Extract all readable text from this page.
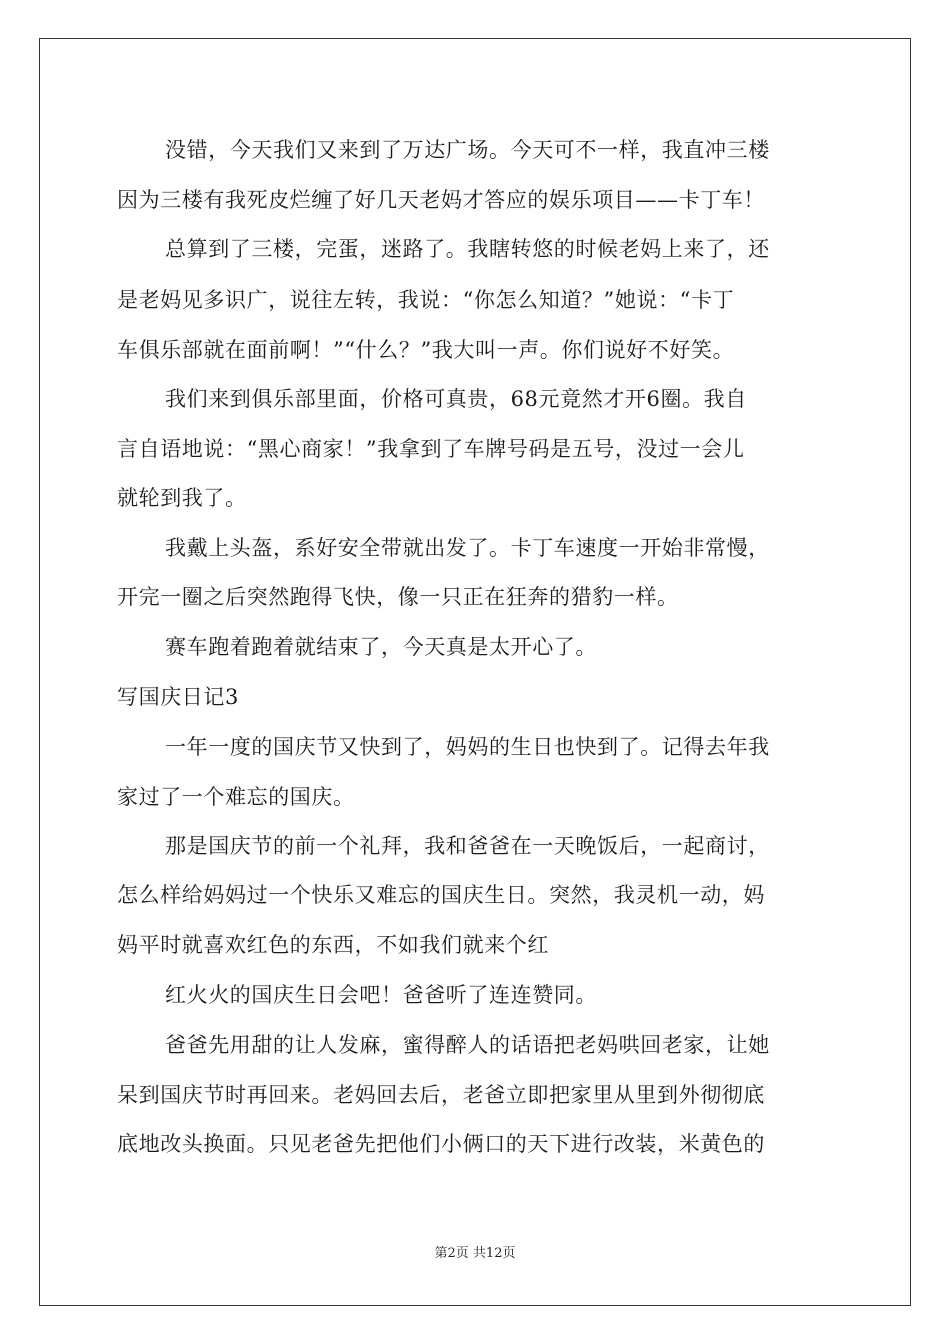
没错，今天我们又来到了万达广场。今天可不一样，我直冲三楼
因为三楼有我死皮烂缠了好几天老妈才答应的娱乐项目——卡丁车！
总算到了三楼，完蛋，迷路了。我瞎转悠的时候老妈上来了，还
是老妈见多识广，说往左转，我说：“你怎么知道？”她说：“卡丁
车俱乐部就在面前啊！”“什么？”我大叫一声。你们说好不好笑。
我们来到俱乐部里面，价格可真贵，68元竟然才开6圈。我自
言自语地说：“黑心商家！”我拿到了车牌号码是五号，没过一会儿
就轮到我了。
我戴上头盔，系好安全带就出发了。卡丁车速度一开始非常慢，
开完一圈之后突然跑得飞快，像一只正在狂奔的猎豹一样。
赛车跑着跑着就结束了，今天真是太开心了。
写国庆日记3
一年一度的国庆节又快到了，妈妈的生日也快到了。记得去年我
家过了一个难忘的国庆。
那是国庆节的前一个礼拜，我和爸爸在一天晚饭后，一起商讨，
怎么样给妈妈过一个快乐又难忘的国庆生日。突然，我灵机一动，妈
妈平时就喜欢红色的东西，不如我们就来个红
红火火的国庆生日会吧！爸爸听了连连赞同。
爸爸先用甜的让人发麻，蜜得醉人的话语把老妈哄回老家，让她
呆到国庆节时再回来。老妈回去后，老爸立即把家里从里到外彻彻底
底地改头换面。只见老爸先把他们小俩口的天下进行改装，米黄色的
第2页 共12页
